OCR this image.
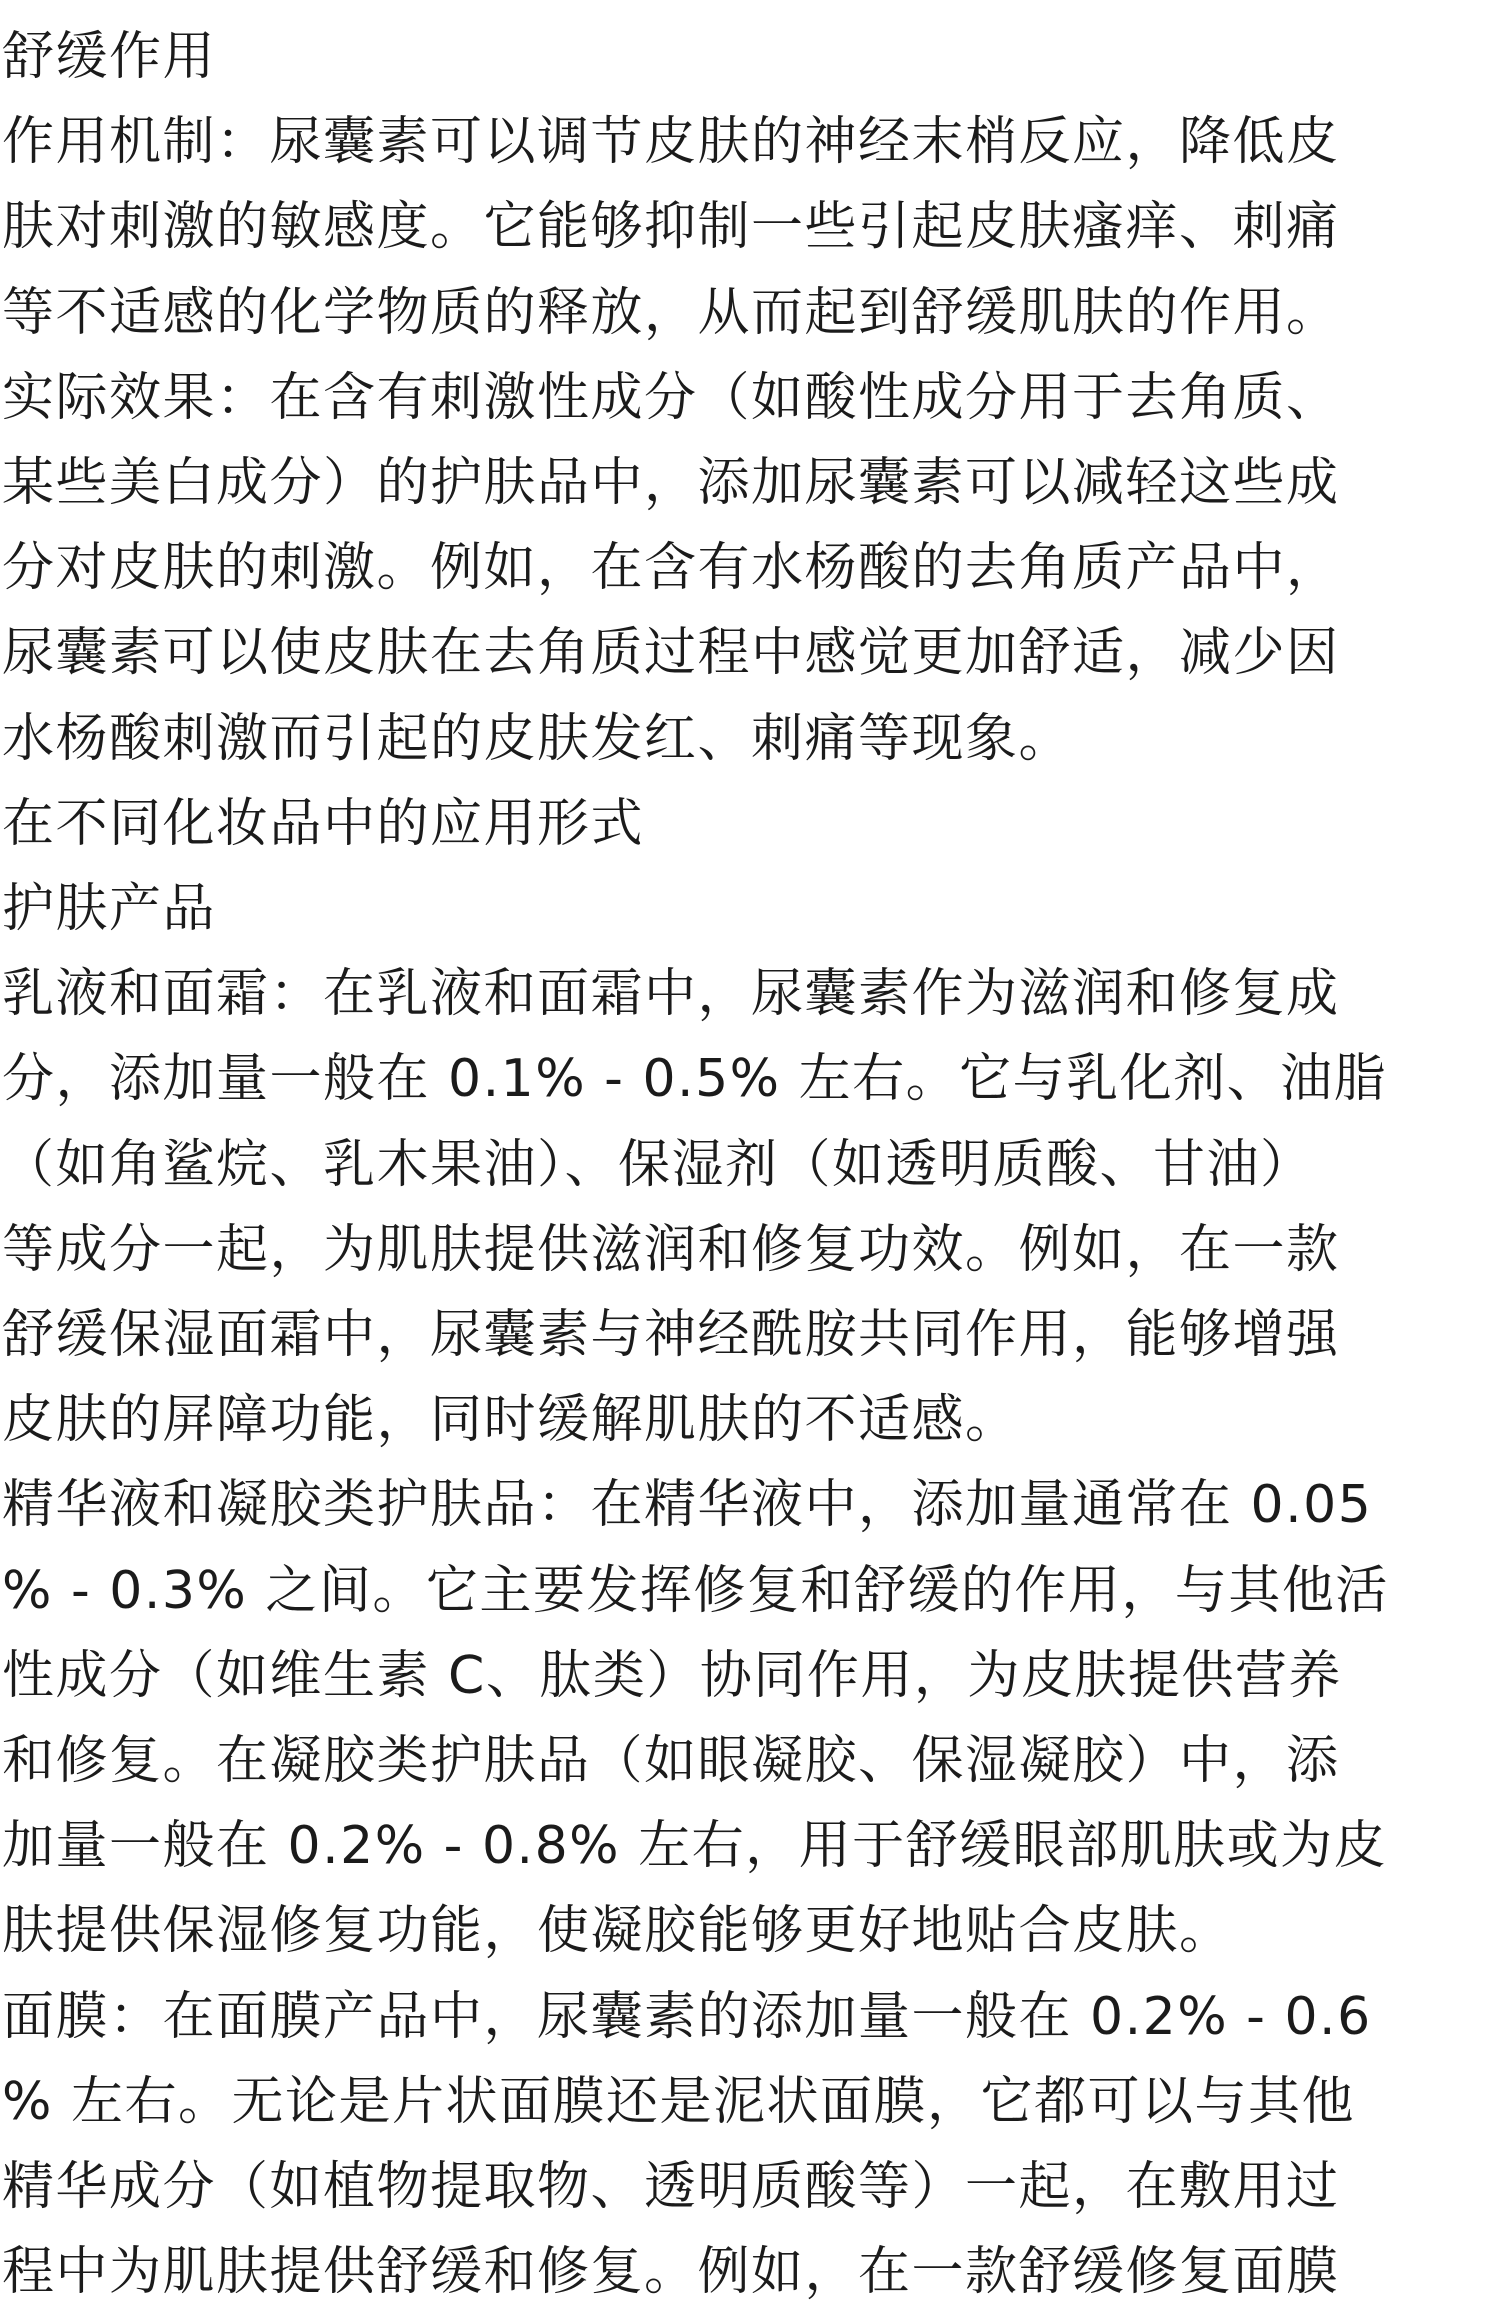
舒缓作用
作用机制：尿囊素可以调节皮肤的神经末梢反应，降低皮
肤对刺激的敏感度。它能够抑制一些引起皮肤瘙痒、刺痛
等不适感的化学物质的释放，从而起到舒缓肌肤的作用。
实际效果：在含有刺激性成分（如酸性成分用于去角质、
某些美白成分）的护肤品中，添加尿囊素可以减轻这些成
分对皮肤的刺激。例如，在含有水杨酸的去角质产品中，
尿囊素可以使皮肤在去角质过程中感觉更加舒适，减少因
水杨酸刺激而引起的皮肤发红、刺痛等现象。
在不同化妆品中的应用形式
护肤产品
乳液和面霜：在乳液和面霜中，尿囊素作为滋润和修复成
分，添加量一般在 0.1% - 0.5% 左右。它与乳化剂、油脂
（如角鲨烷、乳木果油）、保湿剂（如透明质酸、甘油）
等成分一起，为肌肤提供滋润和修复功效。例如，在一款
舒缓保湿面霜中，尿囊素与神经酰胺共同作用，能够增强
皮肤的屏障功能，同时缓解肌肤的不适感。
精华液和凝胶类护肤品：在精华液中，添加量通常在 0.05
% - 0.3% 之间。它主要发挥修复和舒缓的作用，与其他活
性成分（如维生素 C、肽类）协同作用，为皮肤提供营养
和修复。在凝胶类护肤品（如眼凝胶、保湿凝胶）中，添
加量一般在 0.2% - 0.8% 左右，用于舒缓眼部肌肤或为皮
肤提供保湿修复功能，使凝胶能够更好地贴合皮肤。
面膜：在面膜产品中，尿囊素的添加量一般在 0.2% - 0.6
% 左右。无论是片状面膜还是泥状面膜，它都可以与其他
精华成分（如植物提取物、透明质酸等）一起，在敷用过
程中为肌肤提供舒缓和修复。例如，在一款舒缓修复面膜
